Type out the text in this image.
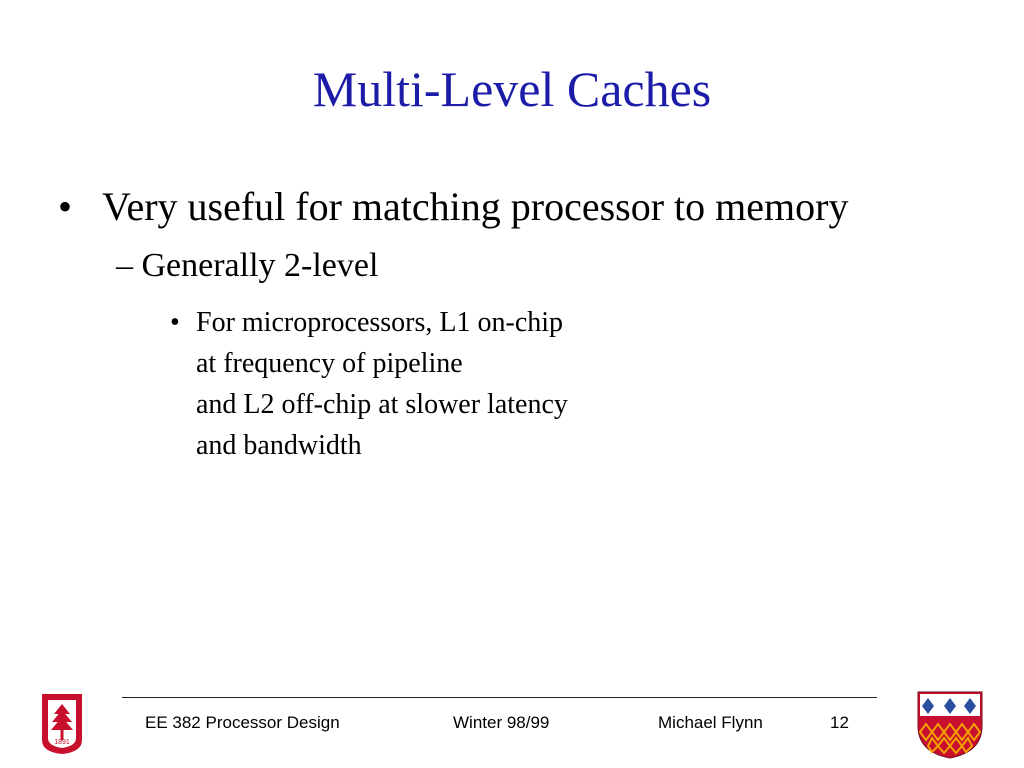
Multi-Level Caches
• Very useful for matching processor to memory
– Generally 2-level
• For microprocessors, L1 on-chip
at frequency of pipeline
and L2 off-chip at slower latency
and bandwidth
EE 382 Processor Design	Winter 98/99	Michael Flynn	12
1891
